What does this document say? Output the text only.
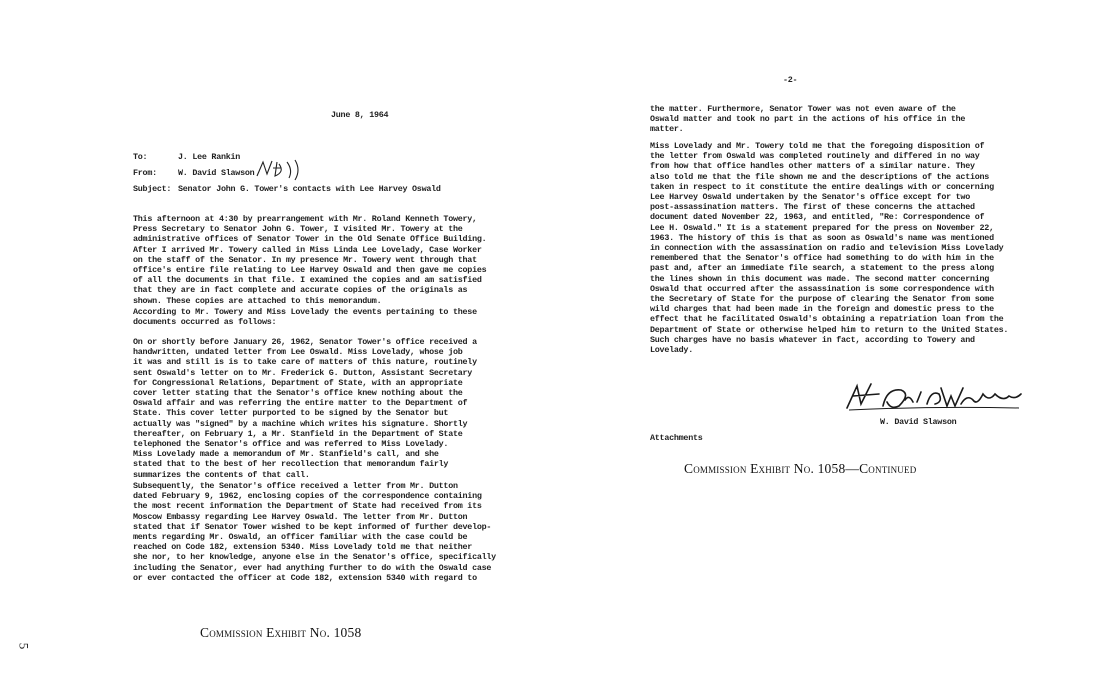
June 8, 1964
To:	J. Lee Rankin
From:	W. David Slawson
Subject: Senator John G. Tower's contacts with Lee Harvey Oswald
This afternoon at 4:30 by prearrangement with Mr. Roland Kenneth Towery,
Press Secretary to Senator John G. Tower, I visited Mr. Towery at the
administrative offices of Senator Tower in the Old Senate Office Building.
After I arrived Mr. Towery called in Miss Linda Lee Lovelady, Case Worker
on the staff of the Senator. In my presence Mr. Towery went through that
office's entire file relating to Lee Harvey Oswald and then gave me copies
of all the documents in that file. I examined the copies and am satisfied
that they are in fact complete and accurate copies of the originals as
shown. These copies are attached to this memorandum.
According to Mr. Towery and Miss Lovelady the events pertaining to these
documents occurred as follows:
On or shortly before January 26, 1962, Senator Tower's office received a
handwritten, undated letter from Lee Oswald. Miss Lovelady, whose job
it was and still is is to take care of matters of this nature, routinely
sent Oswald's letter on to Mr. Frederick G. Dutton, Assistant Secretary
for Congressional Relations, Department of State, with an appropriate
cover letter stating that the Senator's office knew nothing about the
Oswald affair and was referring the entire matter to the Department of
State. This cover letter purported to be signed by the Senator but
actually was "signed" by a machine which writes his signature. Shortly
thereafter, on February 1, a Mr. Stanfield in the Department of State
telephoned the Senator's office and was referred to Miss Lovelady.
Miss Lovelady made a memorandum of Mr. Stanfield's call, and she
stated that to the best of her recollection that memorandum fairly
summarizes the contents of that call.
Subsequently, the Senator's office received a letter from Mr. Dutton
dated February 9, 1962, enclosing copies of the correspondence containing
the most recent information the Department of State had received from its
Moscow Embassy regarding Lee Harvey Oswald. The letter from Mr. Dutton
stated that if Senator Tower wished to be kept informed of further develop-
ments regarding Mr. Oswald, an officer familiar with the case could be
reached on Code 182, extension 5340. Miss Lovelady told me that neither
she nor, to her knowledge, anyone else in the Senator's office, specifically
including the Senator, ever had anything further to do with the Oswald case
or ever contacted the officer at Code 182, extension 5340 with regard to
Commission Exhibit No. 1058
5
-2-
the matter. Furthermore, Senator Tower was not even aware of the
Oswald matter and took no part in the actions of his office in the
matter.
Miss Lovelady and Mr. Towery told me that the foregoing disposition of
the letter from Oswald was completed routinely and differed in no way
from how that office handles other matters of a similar nature. They
also told me that the file shown me and the descriptions of the actions
taken in respect to it constitute the entire dealings with or concerning
Lee Harvey Oswald undertaken by the Senator's office except for two
post-assassination matters. The first of these concerns the attached
document dated November 22, 1963, and entitled, "Re: Correspondence of
Lee H. Oswald." It is a statement prepared for the press on November 22,
1963. The history of this is that as soon as Oswald's name was mentioned
in connection with the assassination on radio and television Miss Lovelady
remembered that the Senator's office had something to do with him in the
past and, after an immediate file search, a statement to the press along
the lines shown in this document was made. The second matter concerning
Oswald that occurred after the assassination is some correspondence with
the Secretary of State for the purpose of clearing the Senator from some
wild charges that had been made in the foreign and domestic press to the
effect that he facilitated Oswald's obtaining a repatriation loan from the
Department of State or otherwise helped him to return to the United States.
Such charges have no basis whatever in fact, according to Towery and
Lovelady.
W. David Slawson
Attachments
Commission Exhibit No. 1058—Continued
